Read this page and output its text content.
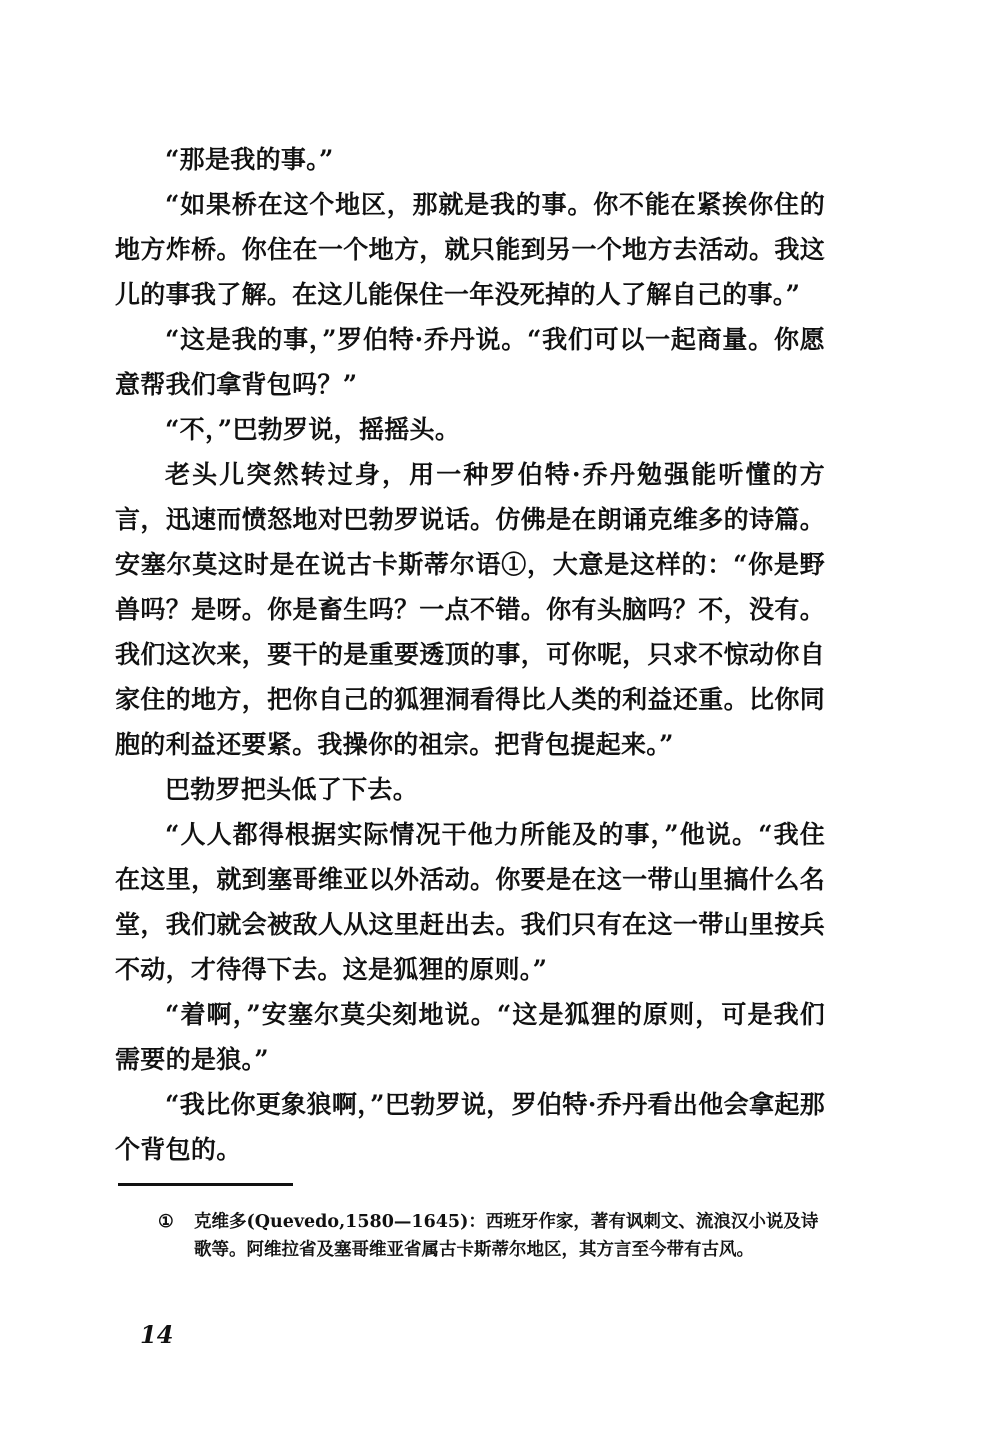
“那是我的事。”

“如果桥在这个地区，那就是我的事。你不能在紧挨你住的地方炸桥。你住在一个地方，就只能到另一个地方去活动。我这儿的事我了解。在这儿能保住一年没死掉的人了解自己的事。”

“这是我的事，”罗伯特·乔丹说。“我们可以一起商量。你愿意帮我们拿背包吗？”

“不，”巴勃罗说，摇摇头。

老头儿突然转过身，用一种罗伯特·乔丹勉强能听懂的方言，迅速而愤怒地对巴勃罗说话。仿佛是在朗诵克维多的诗篇。安塞尔莫这时是在说古卡斯蒂尔语①，大意是这样的：“你是野兽吗？是呀。你是畜生吗？一点不错。你有头脑吗？不，没有。我们这次来，要干的是重要透顶的事，可你呢，只求不惊动你自家住的地方，把你自己的狐狸洞看得比人类的利益还重。比你同胞的利益还要紧。我操你的祖宗。把背包提起来。”

巴勃罗把头低了下去。

“人人都得根据实际情况干他力所能及的事，”他说。“我住在这里，就到塞哥维亚以外活动。你要是在这一带山里搞什么名堂，我们就会被敌人从这里赶出去。我们只有在这一带山里按兵不动，才待得下去。这是狐狸的原则。”

“着啊，”安塞尔莫尖刻地说。“这是狐狸的原则，可是我们需要的是狼。”

“我比你更象狼啊，”巴勃罗说，罗伯特·乔丹看出他会拿起那个背包的。

①	克维多(Quevedo,1580—1645)：西班牙作家，著有讽刺文、流浪汉小说及诗歌等。阿维拉省及塞哥维亚省属古卡斯蒂尔地区，其方言至今带有古风。
14
